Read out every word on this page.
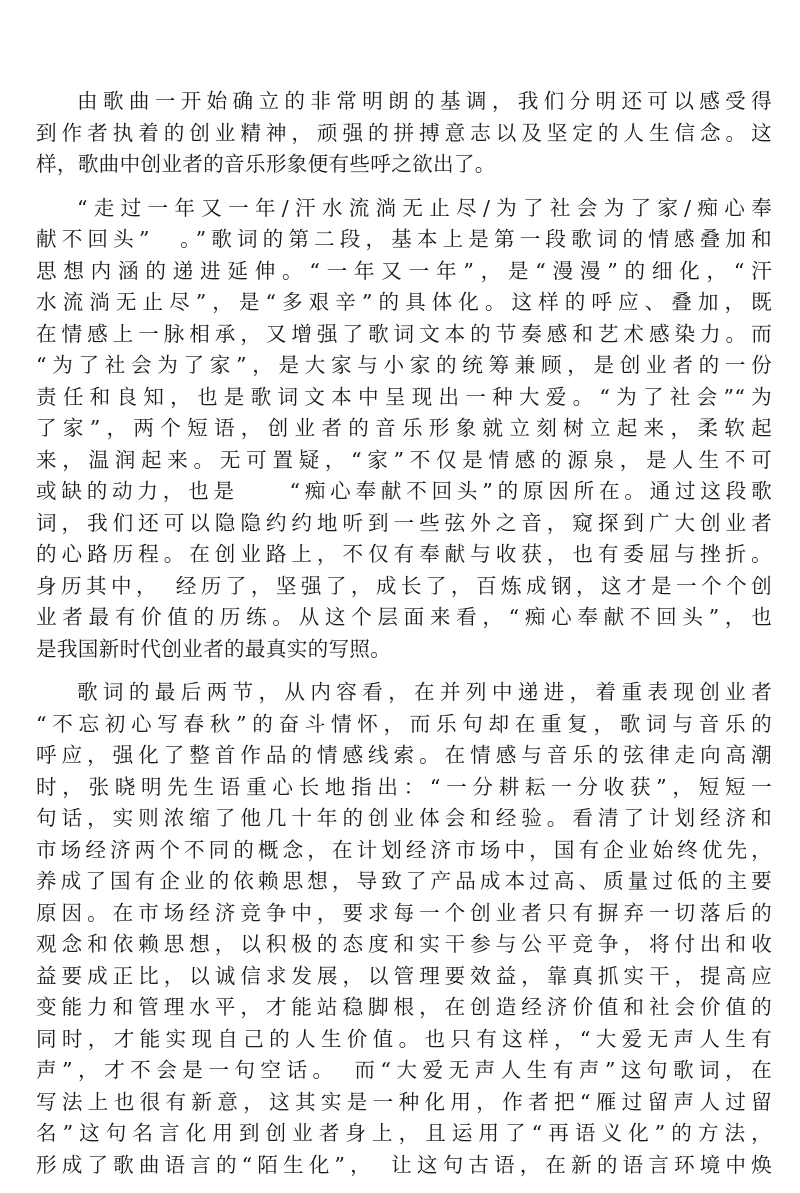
由歌曲一开始确立的非常明朗的基调，我们分明还可以感受得
到作者执着的创业精神，顽强的拼搏意志以及坚定的人生信念。这
样，歌曲中创业者的音乐形象便有些呼之欲出了。
“走过一年又一年/汗水流淌无止尽/为了社会为了家/痴心奉
献不回头”　。”歌词的第二段，基本上是第一段歌词的情感叠加和
思想内涵的递进延伸。“一年又一年”，是“漫漫”的细化，“汗
水流淌无止尽”，是“多艰辛”的具体化。这样的呼应、叠加，既
在情感上一脉相承，又增强了歌词文本的节奏感和艺术感染力。而
“为了社会为了家”，是大家与小家的统筹兼顾，是创业者的一份
责任和良知，也是歌词文本中呈现出一种大爱。“为了社会”“为
了家”，两个短语，创业者的音乐形象就立刻树立起来，柔软起
来，温润起来。无可置疑，“家”不仅是情感的源泉，是人生不可
或缺的动力，也是　　“痴心奉献不回头”的原因所在。通过这段歌
词，我们还可以隐隐约约地听到一些弦外之音，窥探到广大创业者
的心路历程。在创业路上，不仅有奉献与收获，也有委屈与挫折。
身历其中，　经历了，坚强了，成长了，百炼成钢，这才是一个个创
业者最有价值的历练。从这个层面来看，“痴心奉献不回头”，也
是我国新时代创业者的最真实的写照。
歌词的最后两节，从内容看，在并列中递进，着重表现创业者
“不忘初心写春秋”的奋斗情怀，而乐句却在重复，歌词与音乐的
呼应，强化了整首作品的情感线索。在情感与音乐的弦律走向高潮
时，张晓明先生语重心长地指出：“一分耕耘一分收获”，短短一
句话，实则浓缩了他几十年的创业体会和经验。看清了计划经济和
市场经济两个不同的概念，在计划经济市场中，国有企业始终优先，
养成了国有企业的依赖思想，导致了产品成本过高、质量过低的主要
原因。在市场经济竞争中，要求每一个创业者只有摒弃一切落后的
观念和依赖思想，以积极的态度和实干参与公平竞争，将付出和收
益要成正比，以诚信求发展，以管理要效益，靠真抓实干，提高应
变能力和管理水平，才能站稳脚根，在创造经济价值和社会价值的
同时，才能实现自己的人生价值。也只有这样，“大爱无声人生有
声”，才不会是一句空话。　而“大爱无声人生有声”这句歌词，在
写法上也很有新意，这其实是一种化用，作者把“雁过留声人过留
名”这句名言化用到创业者身上，且运用了“再语义化”的方法，
形成了歌曲语言的“陌生化”，　让这句古语，在新的语言环境中焕
